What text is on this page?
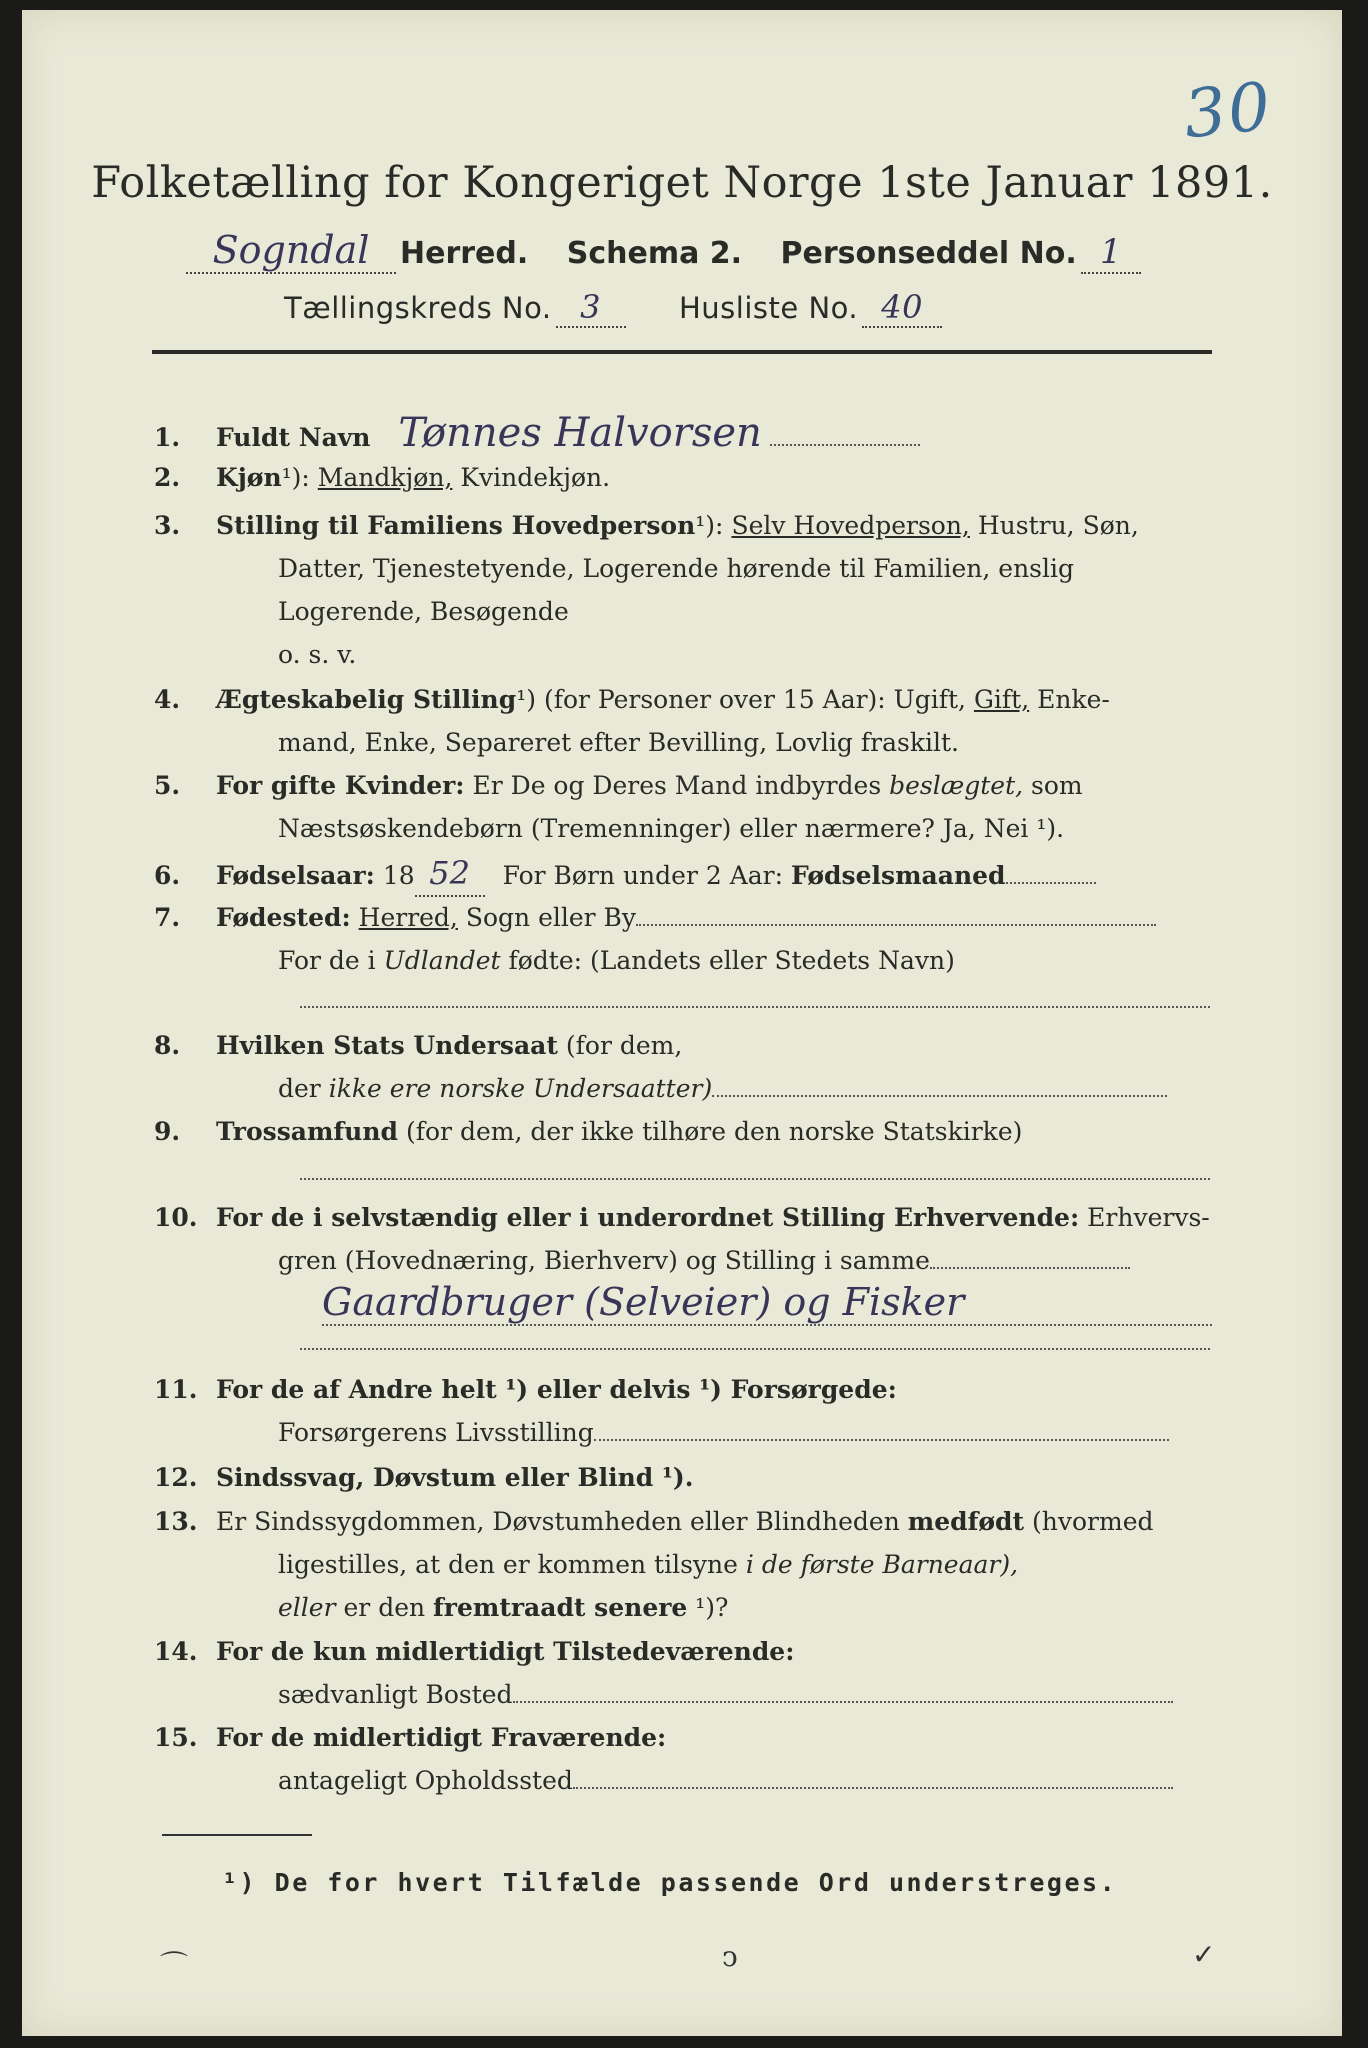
30
Folketælling for Kongeriget Norge 1ste Januar 1891.
Sogndal Herred. Schema 2. Personseddel No. 1
Tællingskreds No. 3	Husliste No. 40
1. Fuldt Navn Tønnes Halvorsen
2. Kjøn¹): Mandkjøn, Kvindekjøn.
3. Stilling til Familiens Hovedperson¹): Selv Hovedperson, Hustru, Søn,
Datter, Tjenestetyende, Logerende hørende til Familien, enslig
Logerende, Besøgende
o. s. v.
4. Ægteskabelig Stilling¹) (for Personer over 15 Aar): Ugift, Gift, Enke-
mand, Enke, Separeret efter Bevilling, Lovlig fraskilt.
5. For gifte Kvinder: Er De og Deres Mand indbyrdes beslægtet, som
Næstsøskendebørn (Tremenninger) eller nærmere? Ja, Nei ¹).
6. Fødselsaar: 18 52 For Børn under 2 Aar: Fødselsmaaned
7. Fødested: Herred, Sogn eller By
For de i Udlandet fødte: (Landets eller Stedets Navn)
8. Hvilken Stats Undersaat (for dem,
der ikke ere norske Undersaatter)
9. Trossamfund (for dem, der ikke tilhøre den norske Statskirke)
10. For de i selvstændig eller i underordnet Stilling Erhvervende: Erhvervs-
gren (Hovednæring, Bierhverv) og Stilling i samme
Gaardbruger (Selveier) og Fisker
11. For de af Andre helt ¹) eller delvis ¹) Forsørgede:
Forsørgerens Livsstilling
12. Sindssvag, Døvstum eller Blind ¹).
13. Er Sindssygdommen, Døvstumheden eller Blindheden medfødt (hvormed
ligestilles, at den er kommen tilsyne i de første Barneaar),
eller er den fremtraadt senere ¹)?
14. For de kun midlertidigt Tilstedeværende:
sædvanligt Bosted
15. For de midlertidigt Fraværende:
antageligt Opholdssted
¹) De for hvert Tilfælde passende Ord understreges.
⌒	ↄ	✓
